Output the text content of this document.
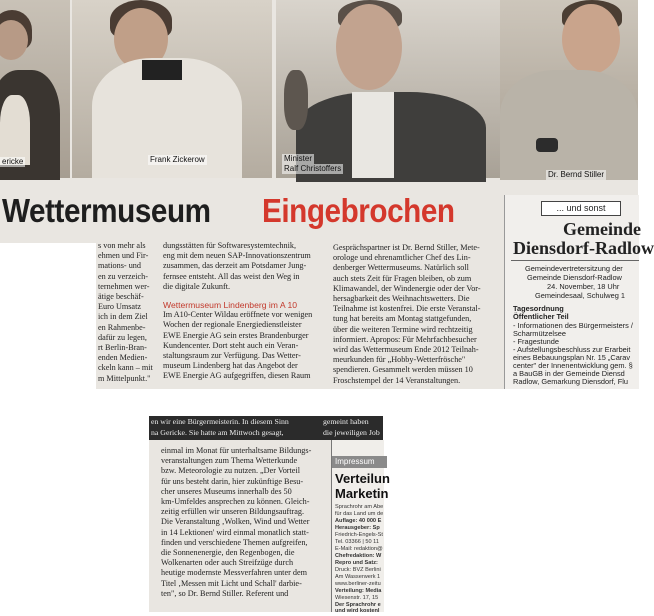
ericke	Frank Zickerow	Minister
Ralf Christoffers
Dr. Bernd Stiller
Wettermuseum Eingebrochen

s von mehr als

ehmen und Fir-

mations- und

en zu verzeich-

ternehmen wer-

ätige beschäf-

Euro Umsatz

ich in dem Ziel

en Rahmenbe-

dafür zu legen,

rt Berlin-Bran-

enden Medien-

ckeln kann – mit

m Mittelpunkt."

dungsstätten für Softwaresystemtechnik,

eng mit dem neuen SAP-Innovationszentrum

zusammen, das derzeit am Potsdamer Jung-

fernsee entsteht. All das weist den Weg in

die digitale Zukunft.

Wettermuseum Lindenberg im A 10

Im A10-Center Wildau eröffnete vor wenigen

Wochen der regionale Energiedienstleister

EWE Energie AG sein erstes Brandenburger

Kundencenter. Dort steht auch ein Veran-

staltungsraum zur Verfügung. Das Wetter-

museum Lindenberg hat das Angebot der

EWE Energie AG aufgegriffen, diesen Raum

Gesprächspartner ist Dr. Bernd Stiller, Mete-

orologe und ehrenamtlicher Chef des Lin-

denberger Wettermuseums. Natürlich soll

auch stets Zeit für Fragen bleiben, ob zum

Klimawandel, der Windenergie oder der Vor-

hersagbarkeit des Weihnachtswetters. Die

Teilnahme ist kostenfrei. Die erste Veranstal-

tung hat bereits am Montag stattgefunden,

über die weiteren Termine wird rechtzeitig

informiert. Apropos: Für Mehrfachbesucher

wird das Wettermuseum Ende 2012 Teilnah-

meurkunden für „Hobby-Wetterfrösche"

spendieren. Gesammelt werden müssen 10

Froschstempel der 14 Veranstaltungen.

... und sonst
Gemeinde
Diensdorf-Radlow
Gemeindevertretersitzung der
Gemeinde Diensdorf-Radlow
24. November, 18 Uhr
Gemeindesaal, Schulweg 1
Tagesordnung
Öffentlicher Teil
- Informationen des Bürgermeisters /
Scharmützelsee
- Fragestunde
- Aufstellungsbeschluss zur Erarbeit
eines Bebauungsplan Nr. 15 „Carav
center" der Innenentwicklung gem. §
a BauGB in der Gemeinde Diensd
Radlow, Gemarkung Diensdorf, Flu
en wir eine Bürgermeisterin. In diesem Sinn
na Gericke. Sie hatte am Mittwoch gesagt,
gemeint haben
die jeweiligen Job

einmal im Monat für unterhaltsame Bildungs-

veranstaltungen zum Thema Wetterkunde

bzw. Meteorologie zu nutzen. „Der Vorteil

für uns besteht darin, hier zukünftige Besu-

cher unseres Museums innerhalb des 50

km-Umfeldes ansprechen zu können. Gleich-

zeitig erfüllen wir unseren Bildungsauftrag.

Die Veranstaltung ‚Wolken, Wind und Wetter

in 14 Lektionen' wird einmal monatlich statt-

finden und verschiedene Themen aufgreifen,

die Sonnenenergie, den Regenbogen, die

Wolkenarten oder auch Streifzüge durch

heutige modernste Messverfahren unter dem

Titel ‚Messen mit Licht und Schall' darbie-

ten", so Dr. Bernd Stiller. Referent und

Impressum
Verteilun
Marketin
Sprachrohr am Abe
für das Land um de
Auflage: 40 000 E
Herausgeber: Sp
Friedrich-Engels-St
Tel. 03366 | 50 11
E-Mail: redaktion@
Chefredaktion: W
Repro und Satz:
Druck: BVZ Berlini
Am Wasserwerk 1
www.berliner-zeitu
Verteilung: Media
Wiesenstr. 17, 15
Der Sprachrohr e
und wird kostenl
